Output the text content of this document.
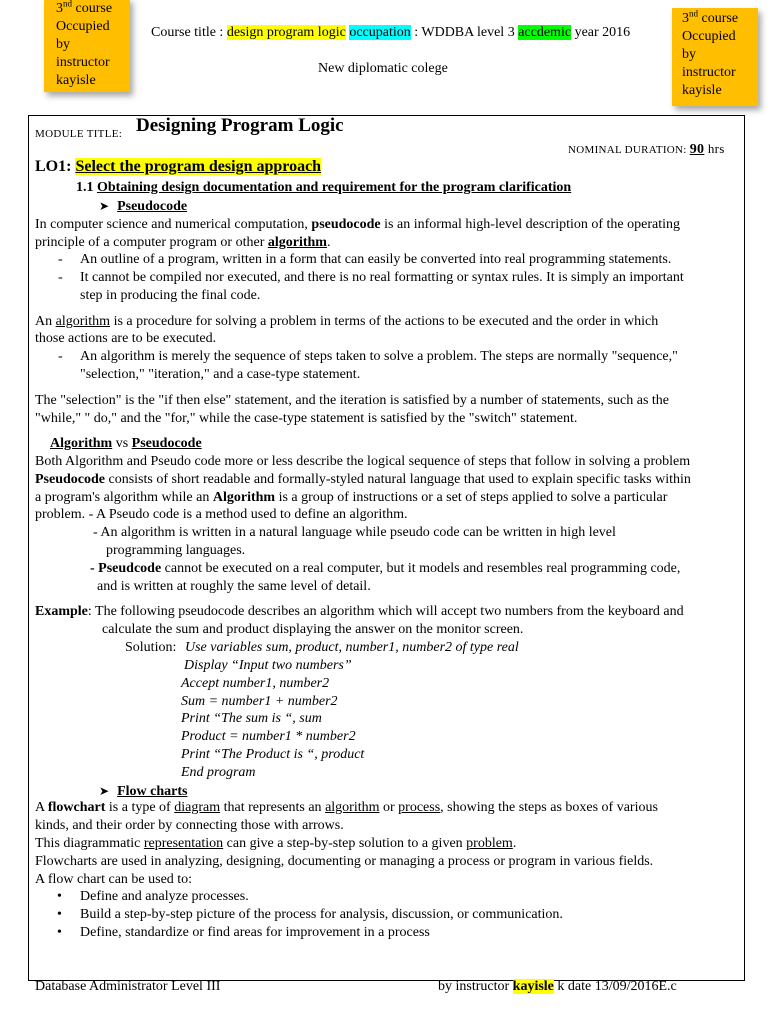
3nd course
Occupied
by
instructor
kayisle
3nd course
Occupied
by
instructor
kayisle
Course title : design program logic occupation : WDDBA level 3 accdemic year 2016
New diplomatic colege
MODULE TITLE: Designing Program Logic
NOMINAL DURATION: 90 hrs
LO1: Select the program design approach
1.1 Obtaining design documentation and requirement for the program clarification
➤ Pseudocode
In computer science and numerical computation, pseudocode is an informal high-level description of the operating
principle of a computer program or other algorithm.
- An outline of a program, written in a form that can easily be converted into real programming statements.
- It cannot be compiled nor executed, and there is no real formatting or syntax rules. It is simply an important
step in producing the final code.
An algorithm is a procedure for solving a problem in terms of the actions to be executed and the order in which
those actions are to be executed.
- An algorithm is merely the sequence of steps taken to solve a problem. The steps are normally "sequence,"
"selection," "iteration," and a case-type statement.
The "selection" is the "if then else" statement, and the iteration is satisfied by a number of statements, such as the
"while," " do," and the "for," while the case-type statement is satisfied by the "switch" statement.
Algorithm vs Pseudocode
Both Algorithm and Pseudo code more or less describe the logical sequence of steps that follow in solving a problem
Pseudocode consists of short readable and formally-styled natural language that used to explain specific tasks within
a program's algorithm while an Algorithm is a group of instructions or a set of steps applied to solve a particular
problem. - A Pseudo code is a method used to define an algorithm.
- An algorithm is written in a natural language while pseudo code can be written in high level
programming languages.
- Pseudcode cannot be executed on a real computer, but it models and resembles real programming code,
and is written at roughly the same level of detail.
Example: The following pseudocode describes an algorithm which will accept two numbers from the keyboard and
calculate the sum and product displaying the answer on the monitor screen.
Solution: Use variables sum, product, number1, number2 of type real
Display “Input two numbers”
Accept number1, number2
Sum = number1 + number2
Print “The sum is “, sum
Product = number1 * number2
Print “The Product is “, product
End program
➤ Flow charts
A flowchart is a type of diagram that represents an algorithm or process, showing the steps as boxes of various
kinds, and their order by connecting those with arrows.
This diagrammatic representation can give a step-by-step solution to a given problem.
Flowcharts are used in analyzing, designing, documenting or managing a process or program in various fields.
A flow chart can be used to:
• Define and analyze processes.
• Build a step-by-step picture of the process for analysis, discussion, or communication.
• Define, standardize or find areas for improvement in a process
Database Administrator Level III	by instructor kayisle k date 13/09/2016E.c
